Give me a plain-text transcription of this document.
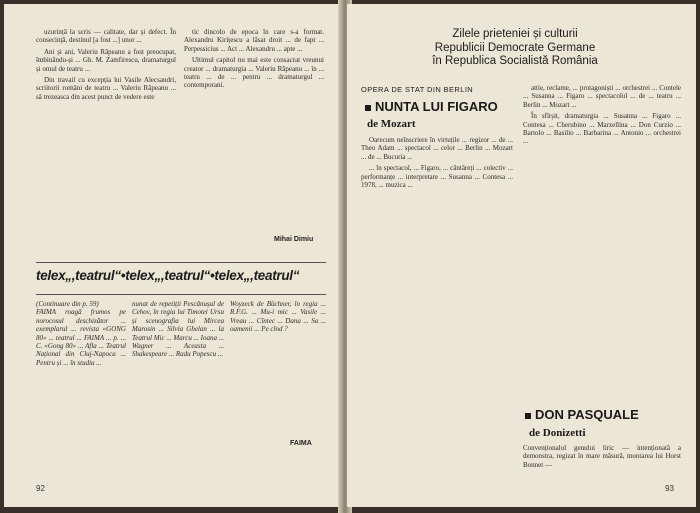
uzurință la scris — calitate, dar și defect. În consecință, destinul [a fost ...] unor ...

Ani și ani, Valeriu Răpeanu a fost preocupat, îmbinându-și ... Gh. M. Zamfirescu, dramaturgul și omul de teatru ...

Din travail cu excepția lui Vasile Alecsandri, scriitorii români de teatru ... Valeriu Răpeanu ... să trezeasca din acest punct de vedere este

tic dincolo de epoca în care s-a format. Alexandru Kirițescu a lăsat droit ... de fapt ... Perpessicius ... Act ... Alexandru ... apte ...

Ultimul capitol nu mai este consacrat vreunui creator ... dramaturgia ... Valeriu Răpeanu ... în ... teatru ... de ... pentru ... dramaturgul ... contemporani.

Mihai Dimiu
telex„,teatrul“•telex„,teatrul“•telex„,teatrul“
(Continuare din p. 59)
FAIMA roagă frumos pe norocosul deschizător ... exemplarul ... revista «GONG 80» ... teatrul ... FAIMA ... p. ... C. «Gong 80» ... Afla ... Teatrul Național din Cluj-Napoca ... Pentru și ... în studiu ...
nunat de repetiții Pescănușul de Cehov, în regia lui Timotei Ursu și scenografia lui Mircea Marosin ... Silvia Ghelan ... la Teatrul Mic ... Marcu ... Ioana ... Wagner ... Aceasta ... Shakespeare ... Radu Popescu ...
Woyzeck de Büchner, în regia ... R.F.G. ... Mu-i mic ... Vasile ... Vreau ... Cîntec ... Dana ... Sa ... oamenii ... Pe cînd ?
FAIMA
92
Zilele prieteniei și culturii
Republicii Democrate Germane
în Republica Socialistă România
OPERA DE STAT DIN BERLIN
NUNTA LUI FIGARO
de Mozart

Oarecum neînscriere în virtuțile ... regizor ... de ... Theo Adam ... spectacol ... celor ... Berlin ... Mozart ... de ... Bucuria ...

... în spectacol, ... Figaro, ... cântăreți ... colectiv ... performanțe ... interpretare ... Susanna ... Contesa ... 1978, ... muzica ...

attie, reclame, ... protagoniști ... orchestrei ... Contele ... Susanna ... Figaro ... spectacolul ... de ... teatru ... Berlin ... Mozart ...

În sfîrșit, dramaturgia ... Susanna ... Figaro ... Contesa ... Cherubino ... Marzellina ... Don Curzio ... Bartolo ... Basilio ... Barbarina ... Antonio ... orchestrei ...

DON PASQUALE
de Donizetti
Convenționalul genului liric — intenționată a demonstra, regizat în mare măsură, montarea lui Horst Bonnet —
93
